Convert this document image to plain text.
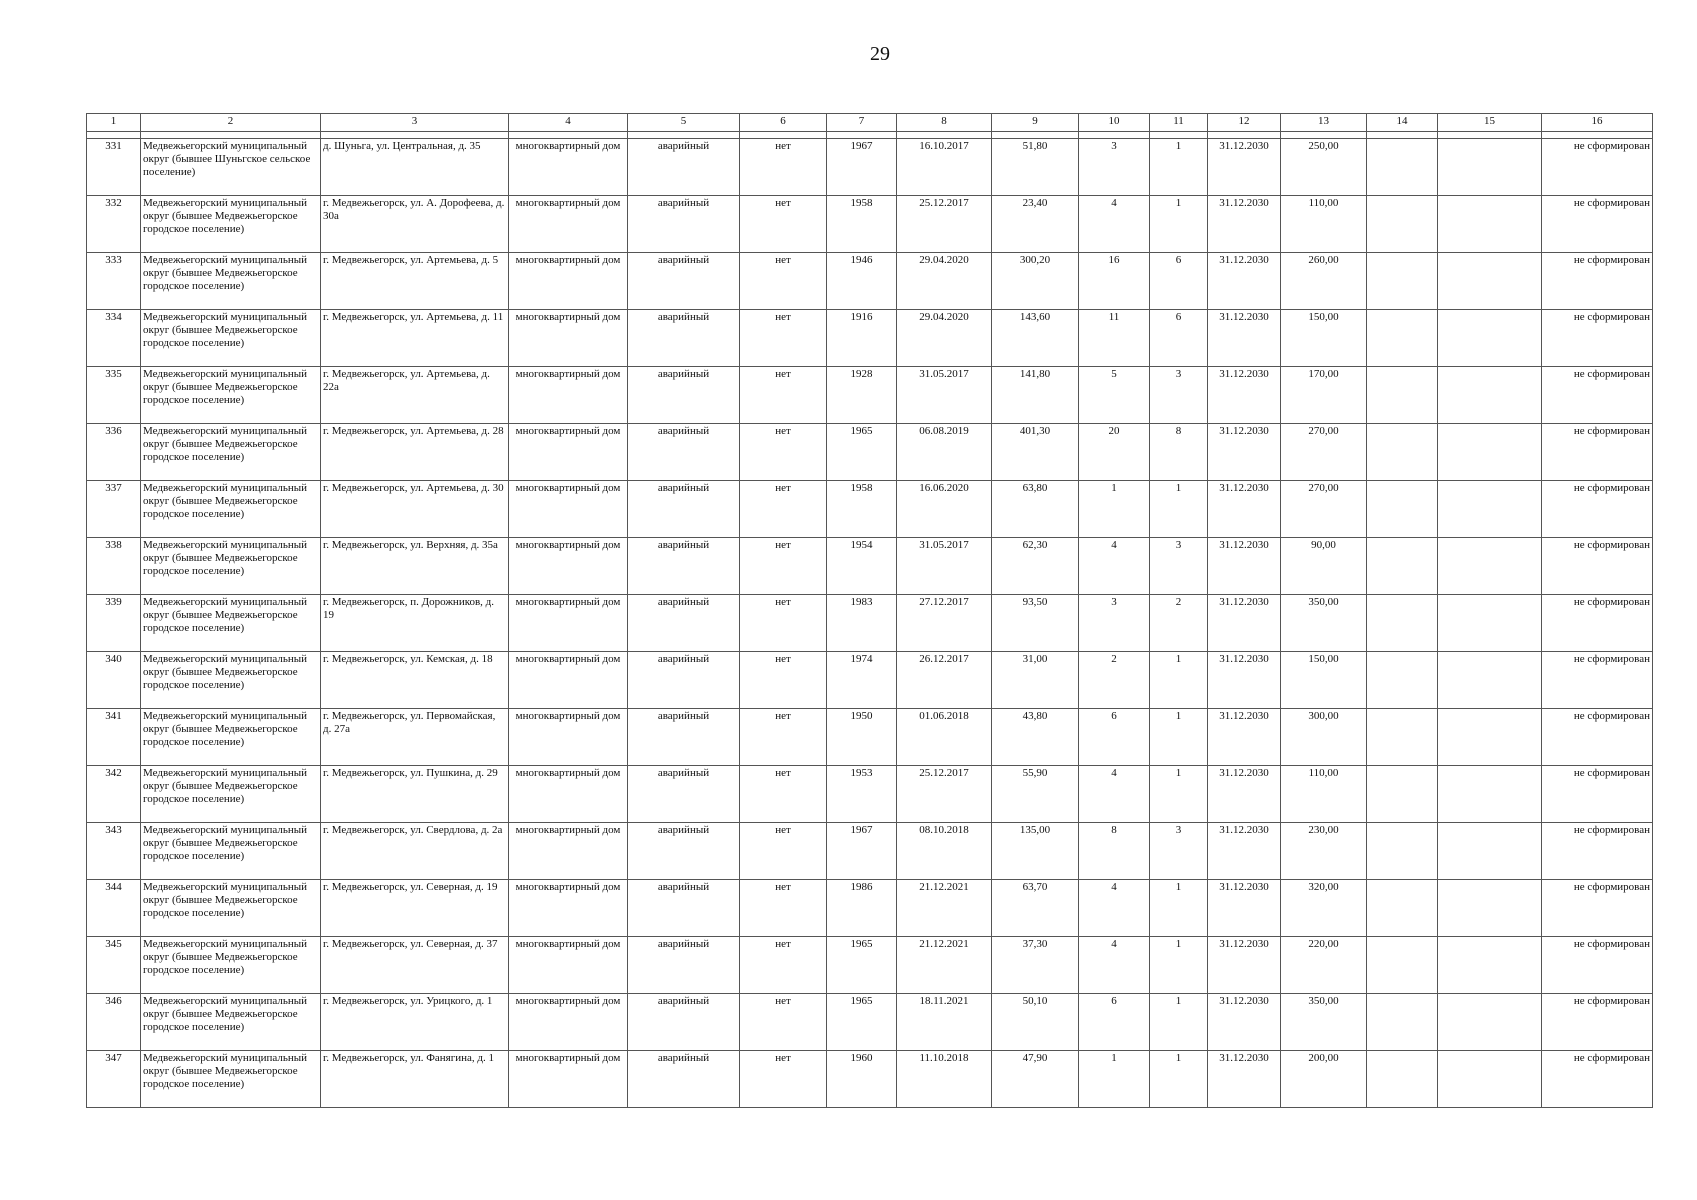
29
1	2	3	4	5	6	7	8	9	10	11	12	13	14	15	16

331	Медвежьегорский муниципальный округ (бывшее Шуньгское сельское поселение)	д. Шуньга, ул. Центральная, д. 35	многоквартирный дом	аварийный	нет	1967	16.10.2017	51,80	3	1	31.12.2030	250,00			не сформирован
332	Медвежьегорский муниципальный округ (бывшее Медвежьегорское городское поселение)	г. Медвежьегорск, ул. А. Дорофеева, д. 30а	многоквартирный дом	аварийный	нет	1958	25.12.2017	23,40	4	1	31.12.2030	110,00			не сформирован
333	Медвежьегорский муниципальный округ (бывшее Медвежьегорское городское поселение)	г. Медвежьегорск, ул. Артемьева, д. 5	многоквартирный дом	аварийный	нет	1946	29.04.2020	300,20	16	6	31.12.2030	260,00			не сформирован
334	Медвежьегорский муниципальный округ (бывшее Медвежьегорское городское поселение)	г. Медвежьегорск, ул. Артемьева, д. 11	многоквартирный дом	аварийный	нет	1916	29.04.2020	143,60	11	6	31.12.2030	150,00			не сформирован
335	Медвежьегорский муниципальный округ (бывшее Медвежьегорское городское поселение)	г. Медвежьегорск, ул. Артемьева, д. 22а	многоквартирный дом	аварийный	нет	1928	31.05.2017	141,80	5	3	31.12.2030	170,00			не сформирован
336	Медвежьегорский муниципальный округ (бывшее Медвежьегорское городское поселение)	г. Медвежьегорск, ул. Артемьева, д. 28	многоквартирный дом	аварийный	нет	1965	06.08.2019	401,30	20	8	31.12.2030	270,00			не сформирован
337	Медвежьегорский муниципальный округ (бывшее Медвежьегорское городское поселение)	г. Медвежьегорск, ул. Артемьева, д. 30	многоквартирный дом	аварийный	нет	1958	16.06.2020	63,80	1	1	31.12.2030	270,00			не сформирован
338	Медвежьегорский муниципальный округ (бывшее Медвежьегорское городское поселение)	г. Медвежьегорск, ул. Верхняя, д. 35а	многоквартирный дом	аварийный	нет	1954	31.05.2017	62,30	4	3	31.12.2030	90,00			не сформирован
339	Медвежьегорский муниципальный округ (бывшее Медвежьегорское городское поселение)	г. Медвежьегорск, п. Дорожников, д. 19	многоквартирный дом	аварийный	нет	1983	27.12.2017	93,50	3	2	31.12.2030	350,00			не сформирован
340	Медвежьегорский муниципальный округ (бывшее Медвежьегорское городское поселение)	г. Медвежьегорск, ул. Кемская, д. 18	многоквартирный дом	аварийный	нет	1974	26.12.2017	31,00	2	1	31.12.2030	150,00			не сформирован
341	Медвежьегорский муниципальный округ (бывшее Медвежьегорское городское поселение)	г. Медвежьегорск, ул. Первомайская, д. 27а	многоквартирный дом	аварийный	нет	1950	01.06.2018	43,80	6	1	31.12.2030	300,00			не сформирован
342	Медвежьегорский муниципальный округ (бывшее Медвежьегорское городское поселение)	г. Медвежьегорск, ул. Пушкина, д. 29	многоквартирный дом	аварийный	нет	1953	25.12.2017	55,90	4	1	31.12.2030	110,00			не сформирован
343	Медвежьегорский муниципальный округ (бывшее Медвежьегорское городское поселение)	г. Медвежьегорск, ул. Свердлова, д. 2а	многоквартирный дом	аварийный	нет	1967	08.10.2018	135,00	8	3	31.12.2030	230,00			не сформирован
344	Медвежьегорский муниципальный округ (бывшее Медвежьегорское городское поселение)	г. Медвежьегорск, ул. Северная, д. 19	многоквартирный дом	аварийный	нет	1986	21.12.2021	63,70	4	1	31.12.2030	320,00			не сформирован
345	Медвежьегорский муниципальный округ (бывшее Медвежьегорское городское поселение)	г. Медвежьегорск, ул. Северная, д. 37	многоквартирный дом	аварийный	нет	1965	21.12.2021	37,30	4	1	31.12.2030	220,00			не сформирован
346	Медвежьегорский муниципальный округ (бывшее Медвежьегорское городское поселение)	г. Медвежьегорск, ул. Урицкого, д. 1	многоквартирный дом	аварийный	нет	1965	18.11.2021	50,10	6	1	31.12.2030	350,00			не сформирован
347	Медвежьегорский муниципальный округ (бывшее Медвежьегорское городское поселение)	г. Медвежьегорск, ул. Фанягина, д. 1	многоквартирный дом	аварийный	нет	1960	11.10.2018	47,90	1	1	31.12.2030	200,00			не сформирован
